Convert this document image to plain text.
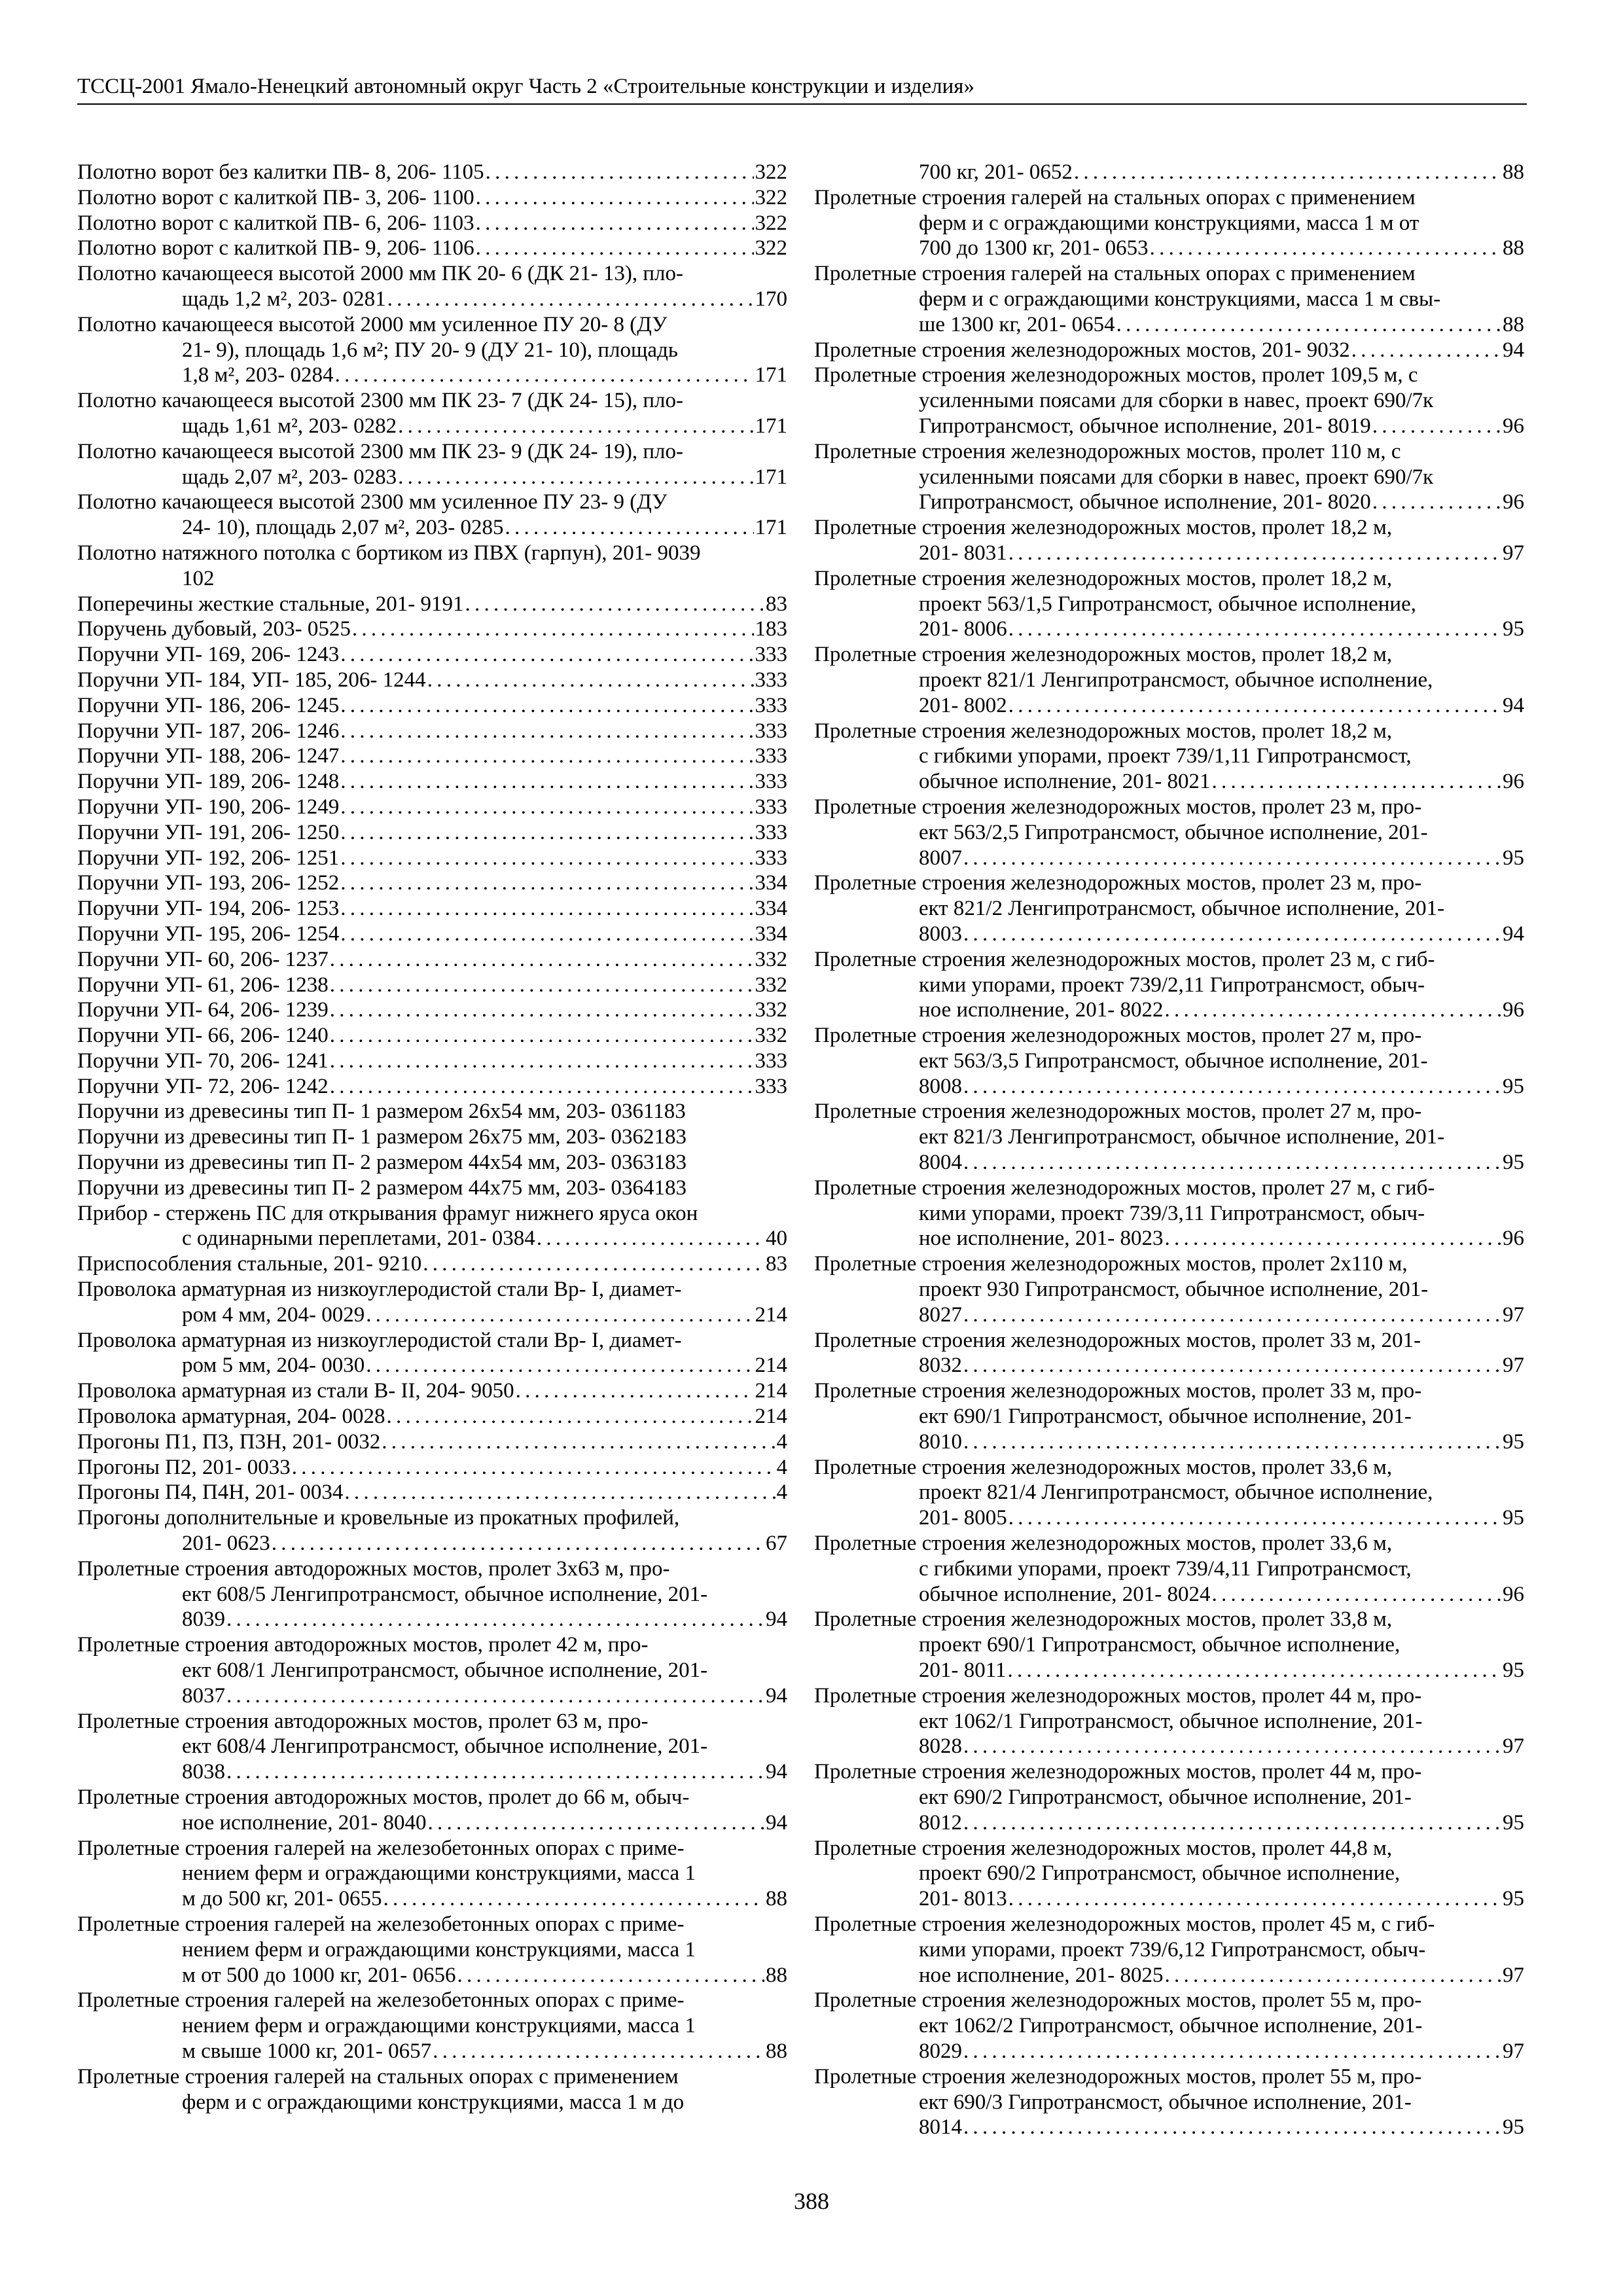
ТССЦ-2001 Ямало-Ненецкий автономный округ Часть 2 «Строительные конструкции и изделия»
Полотно ворот без калитки ПВ- 8, 206- 1105 . . .	322
Полотно ворот с калиткой ПВ- 3, 206- 1100 . . .	322
Полотно ворот с калиткой ПВ- 6, 206- 1103 . . .	322
Полотно ворот с калиткой ПВ- 9, 206- 1106 . . .	322
Полотно качающееся высотой 2000 мм ПК 20- 6 (ДК 21- 13), пло-
щадь 1,2 м², 203- 0281 . . .	170
Полотно качающееся высотой 2000 мм усиленное ПУ 20- 8 (ДУ
21- 9), площадь 1,6 м²; ПУ 20- 9 (ДУ 21- 10), площадь
1,8 м², 203- 0284 . . .	171
Полотно качающееся высотой 2300 мм ПК 23- 7 (ДК 24- 15), пло-
щадь 1,61 м², 203- 0282 . . .	171
Полотно качающееся высотой 2300 мм ПК 23- 9 (ДК 24- 19), пло-
щадь 2,07 м², 203- 0283 . . .	171
Полотно качающееся высотой 2300 мм усиленное ПУ 23- 9 (ДУ
24- 10), площадь 2,07 м², 203- 0285 . . .	171
Полотно натяжного потолка с бортиком из ПВХ (гарпун), 201- 9039
102
Поперечины жесткие стальные, 201- 9191 . . .	83
Поручень дубовый, 203- 0525 . . .	183
Поручни УП- 169, 206- 1243 . . .	333
Поручни УП- 184, УП- 185, 206- 1244 . . .	333
Поручни УП- 186, 206- 1245 . . .	333
Поручни УП- 187, 206- 1246 . . .	333
Поручни УП- 188, 206- 1247 . . .	333
Поручни УП- 189, 206- 1248 . . .	333
Поручни УП- 190, 206- 1249 . . .	333
Поручни УП- 191, 206- 1250 . . .	333
Поручни УП- 192, 206- 1251 . . .	333
Поручни УП- 193, 206- 1252 . . .	334
Поручни УП- 194, 206- 1253 . . .	334
Поручни УП- 195, 206- 1254 . . .	334
Поручни УП- 60, 206- 1237 . . .	332
Поручни УП- 61, 206- 1238 . . .	332
Поручни УП- 64, 206- 1239 . . .	332
Поручни УП- 66, 206- 1240 . . .	332
Поручни УП- 70, 206- 1241 . . .	333
Поручни УП- 72, 206- 1242 . . .	333
Поручни из древесины тип П- 1 размером 26х54 мм, 203- 0361183
Поручни из древесины тип П- 1 размером 26х75 мм, 203- 0362183
Поручни из древесины тип П- 2 размером 44х54 мм, 203- 0363183
Поручни из древесины тип П- 2 размером 44х75 мм, 203- 0364183
Прибор - стержень ПС для открывания фрамуг нижнего яруса окон
с одинарными переплетами, 201- 0384 . . .	40
Приспособления стальные, 201- 9210 . . .	83
Проволока арматурная из низкоуглеродистой стали Вр- I, диамет-
ром 4 мм, 204- 0029 . . .	214
Проволока арматурная из низкоуглеродистой стали Вр- I, диамет-
ром 5 мм, 204- 0030 . . .	214
Проволока арматурная из стали В- II, 204- 9050 . . .	214
Проволока арматурная, 204- 0028 . . .	214
Прогоны П1, П3, П3Н, 201- 0032 . . .	4
Прогоны П2, 201- 0033 . . .	4
Прогоны П4, П4Н, 201- 0034 . . .	4
Прогоны дополнительные и кровельные из прокатных профилей,
201- 0623 . . .	67
Пролетные строения автодорожных мостов, пролет 3х63 м, про-
ект 608/5 Ленгипротрансмост, обычное исполнение, 201-
8039 . . .	94
Пролетные строения автодорожных мостов, пролет 42 м, про-
ект 608/1 Ленгипротрансмост, обычное исполнение, 201-
8037 . . .	94
Пролетные строения автодорожных мостов, пролет 63 м, про-
ект 608/4 Ленгипротрансмост, обычное исполнение, 201-
8038 . . .	94
Пролетные строения автодорожных мостов, пролет до 66 м, обыч-
ное исполнение, 201- 8040 . . .	94
Пролетные строения галерей на железобетонных опорах с приме-
нением ферм и ограждающими конструкциями, масса 1
м до 500 кг, 201- 0655 . . .	88
Пролетные строения галерей на железобетонных опорах с приме-
нением ферм и ограждающими конструкциями, масса 1
м от 500 до 1000 кг, 201- 0656 . . .	88
Пролетные строения галерей на железобетонных опорах с приме-
нением ферм и ограждающими конструкциями, масса 1
м свыше 1000 кг, 201- 0657 . . .	88
Пролетные строения галерей на стальных опорах с применением
ферм и с ограждающими конструкциями, масса 1 м до
700 кг, 201- 0652 . . .	88
Пролетные строения галерей на стальных опорах с применением
ферм и с ограждающими конструкциями, масса 1 м от
700 до 1300 кг, 201- 0653 . . .	88
Пролетные строения галерей на стальных опорах с применением
ферм и с ограждающими конструкциями, масса 1 м свы-
ше 1300 кг, 201- 0654 . . .	88
Пролетные строения железнодорожных мостов, 201- 9032 . . .	94
Пролетные строения железнодорожных мостов, пролет 109,5 м, с
усиленными поясами для сборки в навес, проект 690/7к
Гипротрансмост, обычное исполнение, 201- 8019 . . .	96
Пролетные строения железнодорожных мостов, пролет 110 м, с
усиленными поясами для сборки в навес, проект 690/7к
Гипротрансмост, обычное исполнение, 201- 8020 . . .	96
Пролетные строения железнодорожных мостов, пролет 18,2 м,
201- 8031 . . .	97
Пролетные строения железнодорожных мостов, пролет 18,2 м,
проект 563/1,5 Гипротрансмост, обычное исполнение,
201- 8006 . . .	95
Пролетные строения железнодорожных мостов, пролет 18,2 м,
проект 821/1 Ленгипротрансмост, обычное исполнение,
201- 8002 . . .	94
Пролетные строения железнодорожных мостов, пролет 18,2 м,
с гибкими упорами, проект 739/1,11 Гипротрансмост,
обычное исполнение, 201- 8021 . . .	96
Пролетные строения железнодорожных мостов, пролет 23 м, про-
ект 563/2,5 Гипротрансмост, обычное исполнение, 201-
8007 . . .	95
Пролетные строения железнодорожных мостов, пролет 23 м, про-
ект 821/2 Ленгипротрансмост, обычное исполнение, 201-
8003 . . .	94
Пролетные строения железнодорожных мостов, пролет 23 м, с гиб-
кими упорами, проект 739/2,11 Гипротрансмост, обыч-
ное исполнение, 201- 8022 . . .	96
Пролетные строения железнодорожных мостов, пролет 27 м, про-
ект 563/3,5 Гипротрансмост, обычное исполнение, 201-
8008 . . .	95
Пролетные строения железнодорожных мостов, пролет 27 м, про-
ект 821/3 Ленгипротрансмост, обычное исполнение, 201-
8004 . . .	95
Пролетные строения железнодорожных мостов, пролет 27 м, с гиб-
кими упорами, проект 739/3,11 Гипротрансмост, обыч-
ное исполнение, 201- 8023 . . .	96
Пролетные строения железнодорожных мостов, пролет 2х110 м,
проект 930 Гипротрансмост, обычное исполнение, 201-
8027 . . .	97
Пролетные строения железнодорожных мостов, пролет 33 м, 201-
8032 . . .	97
Пролетные строения железнодорожных мостов, пролет 33 м, про-
ект 690/1 Гипротрансмост, обычное исполнение, 201-
8010 . . .	95
Пролетные строения железнодорожных мостов, пролет 33,6 м,
проект 821/4 Ленгипротрансмост, обычное исполнение,
201- 8005 . . .	95
Пролетные строения железнодорожных мостов, пролет 33,6 м,
с гибкими упорами, проект 739/4,11 Гипротрансмост,
обычное исполнение, 201- 8024 . . .	96
Пролетные строения железнодорожных мостов, пролет 33,8 м,
проект 690/1 Гипротрансмост, обычное исполнение,
201- 8011 . . .	95
Пролетные строения железнодорожных мостов, пролет 44 м, про-
ект 1062/1 Гипротрансмост, обычное исполнение, 201-
8028 . . .	97
Пролетные строения железнодорожных мостов, пролет 44 м, про-
ект 690/2 Гипротрансмост, обычное исполнение, 201-
8012 . . .	95
Пролетные строения железнодорожных мостов, пролет 44,8 м,
проект 690/2 Гипротрансмост, обычное исполнение,
201- 8013 . . .	95
Пролетные строения железнодорожных мостов, пролет 45 м, с гиб-
кими упорами, проект 739/6,12 Гипротрансмост, обыч-
ное исполнение, 201- 8025 . . .	97
Пролетные строения железнодорожных мостов, пролет 55 м, про-
ект 1062/2 Гипротрансмост, обычное исполнение, 201-
8029 . . .	97
Пролетные строения железнодорожных мостов, пролет 55 м, про-
ект 690/3 Гипротрансмост, обычное исполнение, 201-
8014 . . .	95
388
